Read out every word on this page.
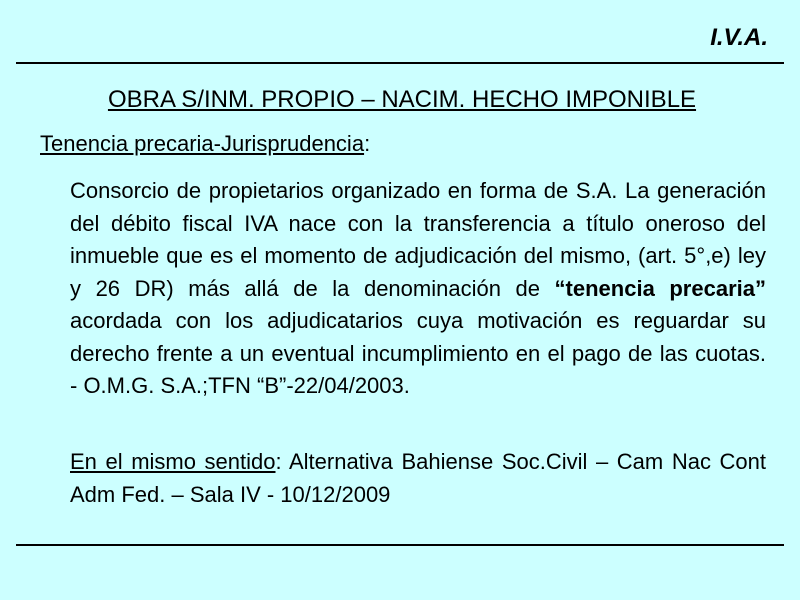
I.V.A.
OBRA S/INM. PROPIO – NACIM. HECHO IMPONIBLE
Tenencia precaria-Jurisprudencia:
Consorcio de propietarios organizado en forma de S.A. La generación del débito fiscal IVA nace con la transferencia a título oneroso del inmueble que es el momento de adjudicación del mismo, (art. 5°,e) ley y 26 DR) más allá de la denominación de “tenencia precaria” acordada con los adjudicatarios cuya motivación es reguardar su derecho frente a un eventual incumplimiento en el pago de las cuotas. - O.M.G. S.A.;TFN “B”-22/04/2003.
En el mismo sentido: Alternativa Bahiense Soc.Civil – Cam Nac Cont Adm Fed. – Sala IV - 10/12/2009
